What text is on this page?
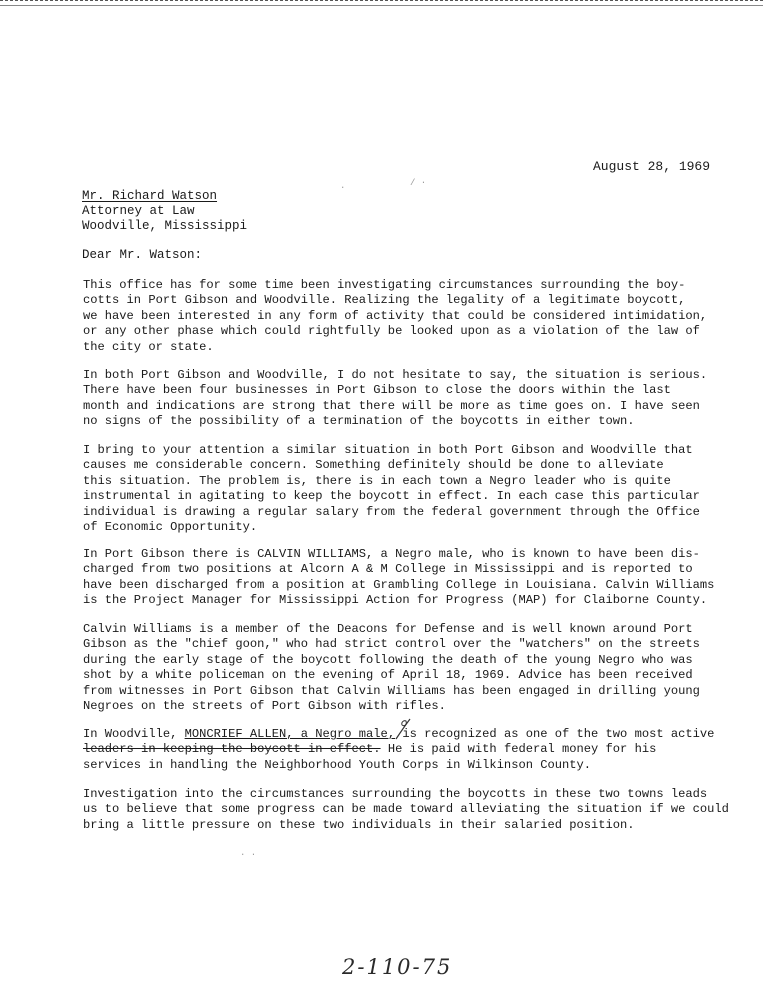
August 28, 1969
Mr. Richard Watson
Attorney at Law
Woodville, Mississippi
Dear Mr. Watson:
This office has for some time been investigating circumstances surrounding the boy-
cotts in Port Gibson and Woodville. Realizing the legality of a legitimate boycott,
we have been interested in any form of activity that could be considered intimidation,
or any other phase which could rightfully be looked upon as a violation of the law of
the city or state.
In both Port Gibson and Woodville, I do not hesitate to say, the situation is serious.
There have been four businesses in Port Gibson to close the doors within the last
month and indications are strong that there will be more as time goes on. I have seen
no signs of the possibility of a termination of the boycotts in either town.
I bring to your attention a similar situation in both Port Gibson and Woodville that
causes me considerable concern. Something definitely should be done to alleviate
this situation. The problem is, there is in each town a Negro leader who is quite
instrumental in agitating to keep the boycott in effect. In each case this particular
individual is drawing a regular salary from the federal government through the Office
of Economic Opportunity.
In Port Gibson there is CALVIN WILLIAMS, a Negro male, who is known to have been dis-
charged from two positions at Alcorn A & M College in Mississippi and is reported to
have been discharged from a position at Grambling College in Louisiana. Calvin Williams
is the Project Manager for Mississippi Action for Progress (MAP) for Claiborne County.
Calvin Williams is a member of the Deacons for Defense and is well known around Port
Gibson as the "chief goon," who had strict control over the "watchers" on the streets
during the early stage of the boycott following the death of the young Negro who was
shot by a white policeman on the evening of April 18, 1969. Advice has been received
from witnesses in Port Gibson that Calvin Williams has been engaged in drilling young
Negroes on the streets of Port Gibson with rifles.
In Woodville, MONCRIEF ALLEN, a Negro male, is recognized as one of the two most active
leaders in keeping the boycott in effect. He is paid with federal money for his
services in handling the Neighborhood Youth Corps in Wilkinson County.
Investigation into the circumstances surrounding the boycotts in these two towns leads
us to believe that some progress can be made toward alleviating the situation if we could
bring a little pressure on these two individuals in their salaried position.
·	/ ·
· ·
2-110-75
